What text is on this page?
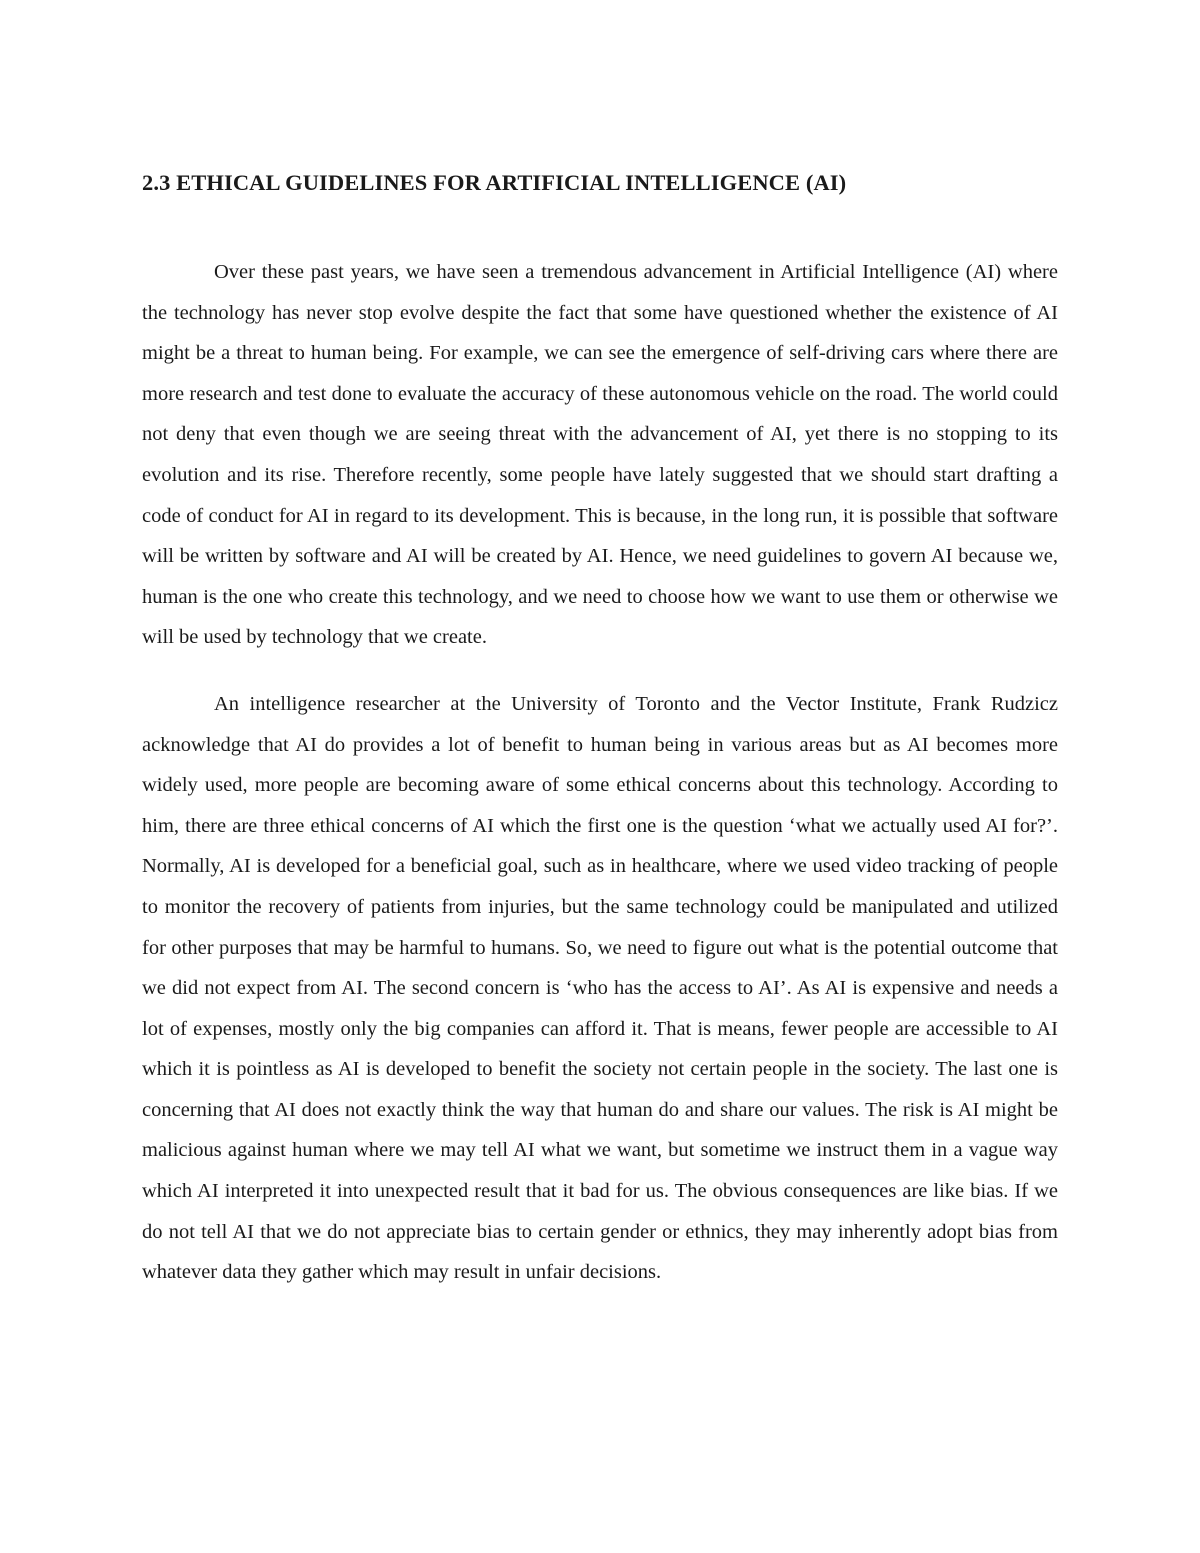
2.3 ETHICAL GUIDELINES FOR ARTIFICIAL INTELLIGENCE (AI)

Over these past years, we have seen a tremendous advancement in Artificial Intelligence (AI) where the technology has never stop evolve despite the fact that some have questioned whether the existence of AI might be a threat to human being. For example, we can see the emergence of self-driving cars where there are more research and test done to evaluate the accuracy of these autonomous vehicle on the road. The world could not deny that even though we are seeing threat with the advancement of AI, yet there is no stopping to its evolution and its rise. Therefore recently, some people have lately suggested that we should start drafting a code of conduct for AI in regard to its development. This is because, in the long run, it is possible that software will be written by software and AI will be created by AI. Hence, we need guidelines to govern AI because we, human is the one who create this technology, and we need to choose how we want to use them or otherwise we will be used by technology that we create.

An intelligence researcher at the University of Toronto and the Vector Institute, Frank Rudzicz acknowledge that AI do provides a lot of benefit to human being in various areas but as AI becomes more widely used, more people are becoming aware of some ethical concerns about this technology. According to him, there are three ethical concerns of AI which the first one is the question ‘what we actually used AI for?’. Normally, AI is developed for a beneficial goal, such as in healthcare, where we used video tracking of people to monitor the recovery of patients from injuries, but the same technology could be manipulated and utilized for other purposes that may be harmful to humans. So, we need to figure out what is the potential outcome that we did not expect from AI. The second concern is ‘who has the access to AI’. As AI is expensive and needs a lot of expenses, mostly only the big companies can afford it. That is means, fewer people are accessible to AI which it is pointless as AI is developed to benefit the society not certain people in the society. The last one is concerning that AI does not exactly think the way that human do and share our values. The risk is AI might be malicious against human where we may tell AI what we want, but sometime we instruct them in a vague way which AI interpreted it into unexpected result that it bad for us. The obvious consequences are like bias. If we do not tell AI that we do not appreciate bias to certain gender or ethnics, they may inherently adopt bias from whatever data they gather which may result in unfair decisions.
